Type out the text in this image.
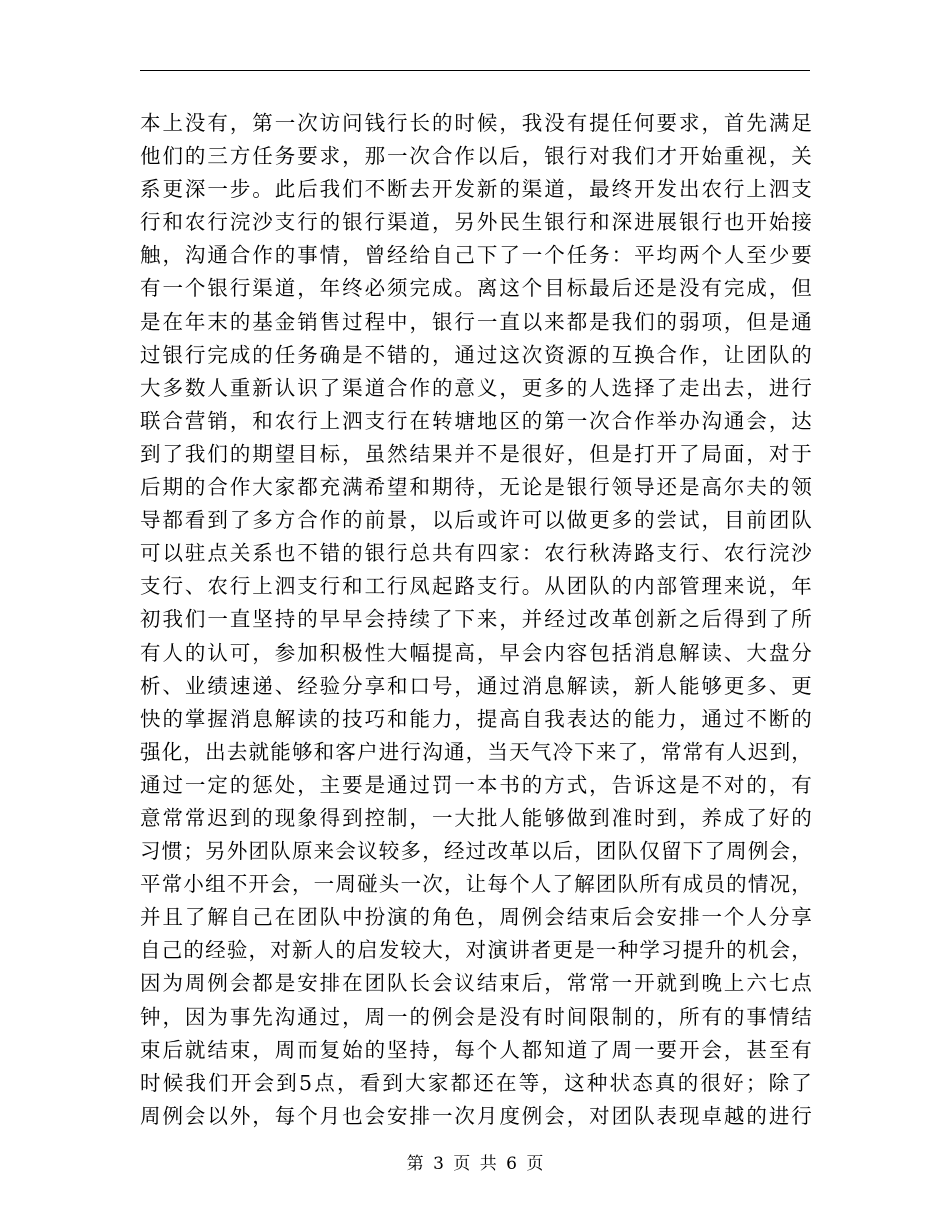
本上没有，第一次访问钱行长的时候，我没有提任何要求，首先满足
他们的三方任务要求，那一次合作以后，银行对我们才开始重视，关
系更深一步。此后我们不断去开发新的渠道，最终开发出农行上泗支
行和农行浣沙支行的银行渠道，另外民生银行和深进展银行也开始接
触，沟通合作的事情，曾经给自己下了一个任务：平均两个人至少要
有一个银行渠道，年终必须完成。离这个目标最后还是没有完成，但
是在年末的基金销售过程中，银行一直以来都是我们的弱项，但是通
过银行完成的任务确是不错的，通过这次资源的互换合作，让团队的
大多数人重新认识了渠道合作的意义，更多的人选择了走出去，进行
联合营销，和农行上泗支行在转塘地区的第一次合作举办沟通会，达
到了我们的期望目标，虽然结果并不是很好，但是打开了局面，对于
后期的合作大家都充满希望和期待，无论是银行领导还是高尔夫的领
导都看到了多方合作的前景，以后或许可以做更多的尝试，目前团队
可以驻点关系也不错的银行总共有四家：农行秋涛路支行、农行浣沙
支行、农行上泗支行和工行凤起路支行。从团队的内部管理来说，年
初我们一直坚持的早早会持续了下来，并经过改革创新之后得到了所
有人的认可，参加积极性大幅提高，早会内容包括消息解读、大盘分
析、业绩速递、经验分享和口号，通过消息解读，新人能够更多、更
快的掌握消息解读的技巧和能力，提高自我表达的能力，通过不断的
强化，出去就能够和客户进行沟通，当天气冷下来了，常常有人迟到，
通过一定的惩处，主要是通过罚一本书的方式，告诉这是不对的，有
意常常迟到的现象得到控制，一大批人能够做到准时到，养成了好的
习惯；另外团队原来会议较多，经过改革以后，团队仅留下了周例会，
平常小组不开会，一周碰头一次，让每个人了解团队所有成员的情况，
并且了解自己在团队中扮演的角色，周例会结束后会安排一个人分享
自己的经验，对新人的启发较大，对演讲者更是一种学习提升的机会，
因为周例会都是安排在团队长会议结束后，常常一开就到晚上六七点
钟，因为事先沟通过，周一的例会是没有时间限制的，所有的事情结
束后就结束，周而复始的坚持，每个人都知道了周一要开会，甚至有
时候我们开会到5点，看到大家都还在等，这种状态真的很好；除了
周例会以外，每个月也会安排一次月度例会，对团队表现卓越的进行
第 3 页 共 6 页
